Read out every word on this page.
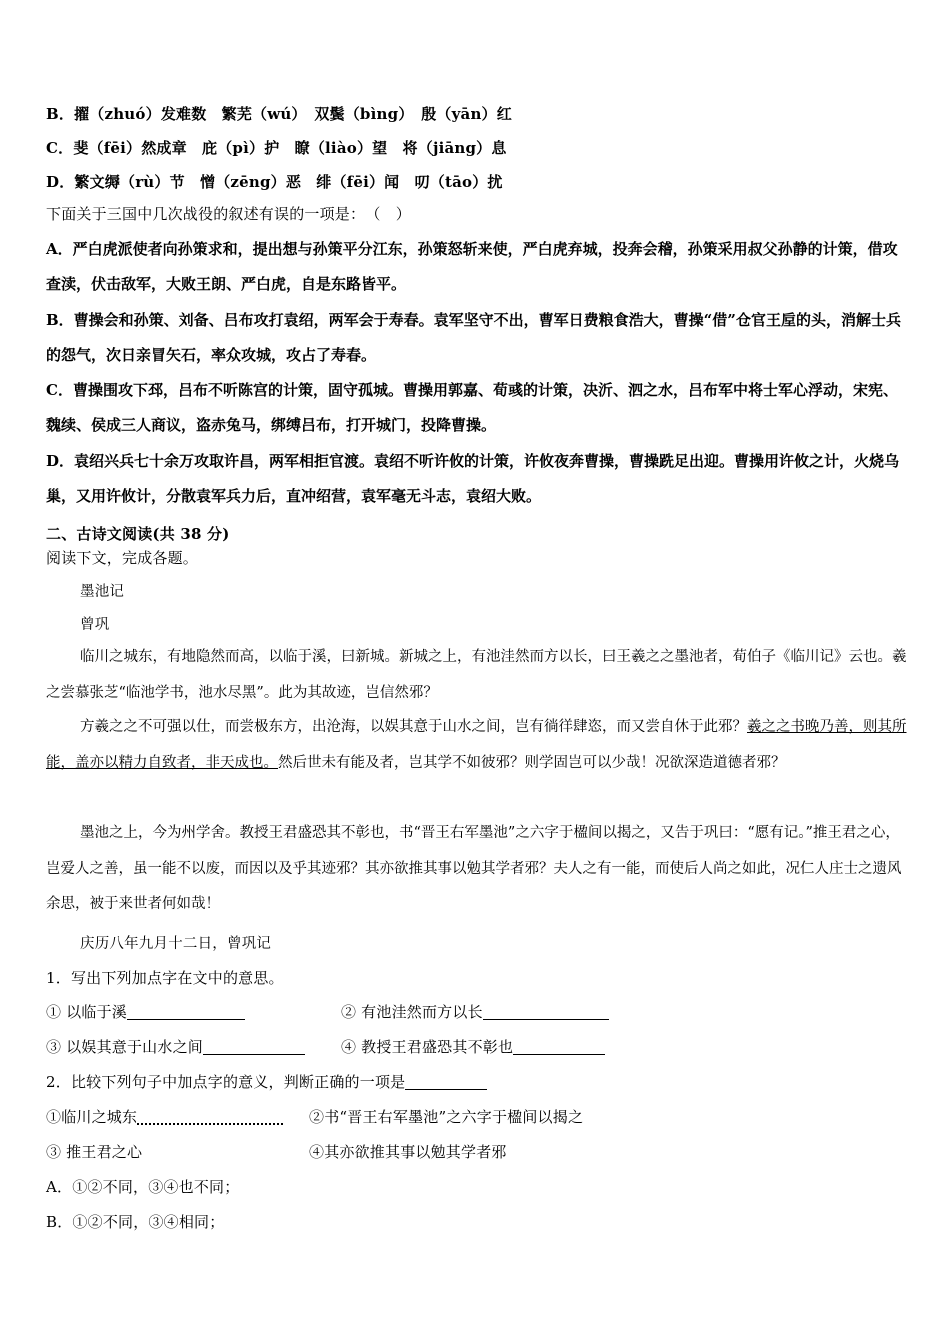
B．擢（zhuó）发难数　繁芜（wú）　双鬓（bìng）　殷（yān）红
C．斐（fēi）然成章　庇（pì）护　瞭（liào）望　将（jiāng）息
D．繁文缛（rù）节　憎（zēng）恶　绯（fēi）闻　叨（tāo）扰
下面关于三国中几次战役的叙述有误的一项是：　（　）
A．严白虎派使者向孙策求和，提出想与孙策平分江东，孙策怒斩来使，严白虎弃城，投奔会稽，孙策采用叔父孙静的计策，借攻查渎，伏击敌军，大败王朗、严白虎，自是东路皆平。
B．曹操会和孙策、刘备、吕布攻打袁绍，两军会于寿春。袁军坚守不出，曹军日费粮食浩大，曹操“借”仓官王垕的头，消解士兵的怨气，次日亲冒矢石，率众攻城，攻占了寿春。
C．曹操围攻下邳，吕布不听陈宫的计策，固守孤城。曹操用郭嘉、荀彧的计策，决沂、泗之水，吕布军中将士军心浮动，宋宪、魏续、侯成三人商议，盗赤兔马，绑缚吕布，打开城门，投降曹操。
D．袁绍兴兵七十余万攻取许昌，两军相拒官渡。袁绍不听许攸的计策，许攸夜奔曹操，曹操跣足出迎。曹操用许攸之计，火烧乌巢，又用许攸计，分散袁军兵力后，直冲绍营，袁军毫无斗志，袁绍大败。
二、古诗文阅读(共 38 分)
阅读下文，完成各题。
墨池记
曾巩
临川之城东，有地隐然而高，以临于溪，曰新城。新城之上，有池洼然而方以长，曰王羲之之墨池者，荀伯子《临川记》云也。羲之尝慕张芝“临池学书，池水尽黑”。此为其故迹，岂信然邪？
方羲之之不可强以仕，而尝极东方，出沧海，以娱其意于山水之间，岂有徜徉肆恣，而又尝自休于此邪？羲之之书晚乃善，则其所能，盖亦以精力自致者，非天成也。然后世未有能及者，岂其学不如彼邪？则学固岂可以少哉！况欲深造道德者邪？
墨池之上，今为州学舍。教授王君盛恐其不彰也，书“晋王右军墨池”之六字于楹间以揭之，又告于巩曰：“愿有记。”推王君之心，岂爱人之善，虽一能不以废，而因以及乎其迹邪？其亦欲推其事以勉其学者邪？夫人之有一能，而使后人尚之如此，况仁人庄士之遗风余思，被于来世者何如哉！
庆历八年九月十二日，曾巩记
1．写出下列加点字在文中的意思。
① 以临于溪	② 有池洼然而方以长
③ 以娱其意于山水之间	④ 教授王君盛恐其不彰也
2．比较下列句子中加点字的意义，判断正确的一项是
①临川之城东	②书“晋王右军墨池”之六字于楹间以揭之
③ 推王君之心	④其亦欲推其事以勉其学者邪
A．①②不同，③④也不同；
B．①②不同，③④相同；
